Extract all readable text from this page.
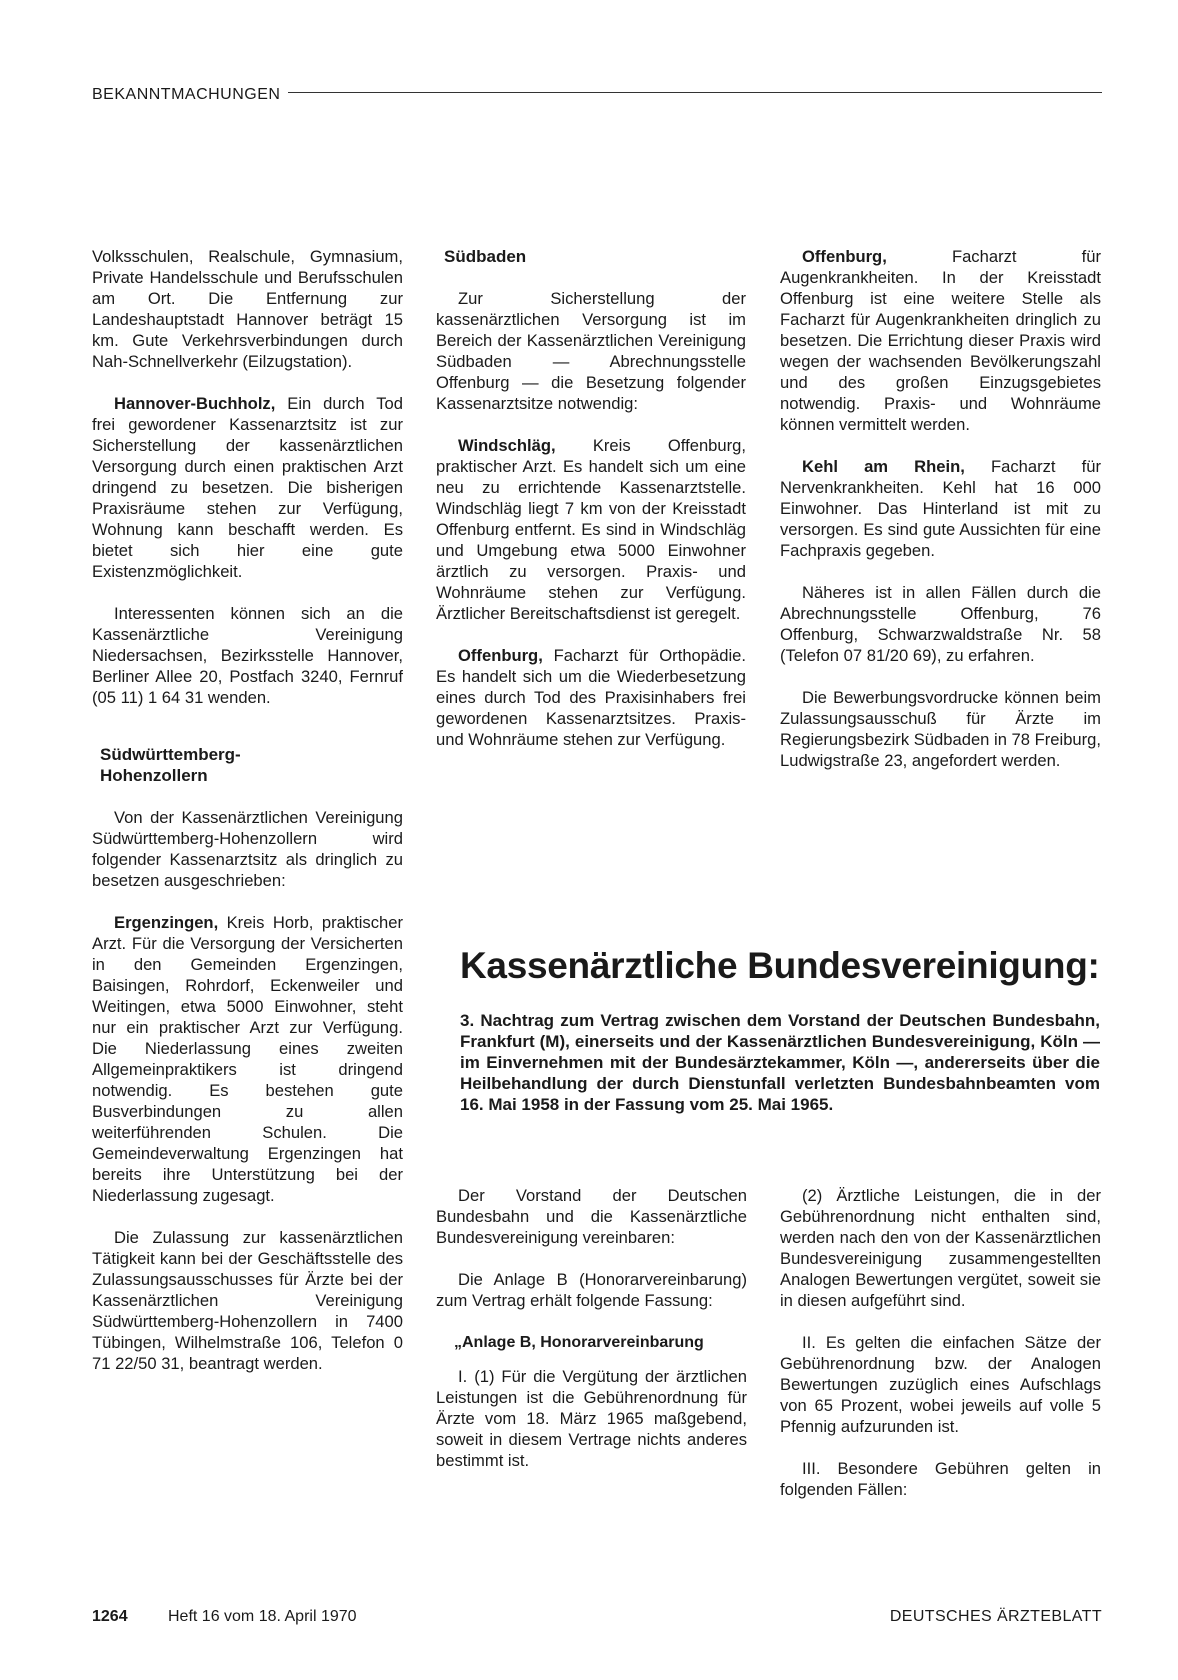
BEKANNTMACHUNGEN

Volksschulen, Realschule, Gymnasium, Private Handelsschule und Berufsschulen am Ort. Die Entfernung zur Landeshauptstadt Hannover beträgt 15 km. Gute Verkehrsverbindungen durch Nah-Schnellverkehr (Eilzugstation).

Hannover-Buchholz, Ein durch Tod frei gewordener Kassenarztsitz ist zur Sicherstellung der kassenärztlichen Versorgung durch einen praktischen Arzt dringend zu besetzen. Die bisherigen Praxisräume stehen zur Verfügung, Wohnung kann beschafft werden. Es bietet sich hier eine gute Existenzmöglichkeit.

Interessenten können sich an die Kassenärztliche Vereinigung Niedersachsen, Bezirksstelle Hannover, Berliner Allee 20, Postfach 3240, Fernruf (05 11) 1 64 31 wenden.

Südwürttemberg-
Hohenzollern

Von der Kassenärztlichen Vereinigung Südwürttemberg-Hohenzollern wird folgender Kassenarztsitz als dringlich zu besetzen ausgeschrieben:

Ergenzingen, Kreis Horb, praktischer Arzt. Für die Versorgung der Versicherten in den Gemeinden Ergenzingen, Baisingen, Rohrdorf, Eckenweiler und Weitingen, etwa 5000 Einwohner, steht nur ein praktischer Arzt zur Verfügung. Die Niederlassung eines zweiten Allgemeinpraktikers ist dringend notwendig. Es bestehen gute Busverbindungen zu allen weiterführenden Schulen. Die Gemeindeverwaltung Ergenzingen hat bereits ihre Unterstützung bei der Niederlassung zugesagt.

Die Zulassung zur kassenärztlichen Tätigkeit kann bei der Geschäftsstelle des Zulassungsausschusses für Ärzte bei der Kassenärztlichen Vereinigung Südwürttemberg-Hohenzollern in 7400 Tübingen, Wilhelmstraße 106, Telefon 0 71 22/50 31, beantragt werden.

Südbaden

Zur Sicherstellung der kassenärztlichen Versorgung ist im Bereich der Kassenärztlichen Vereinigung Südbaden — Abrechnungsstelle Offenburg — die Besetzung folgender Kassenarztsitze notwendig:

Windschläg, Kreis Offenburg, praktischer Arzt. Es handelt sich um eine neu zu errichtende Kassenarztstelle. Windschläg liegt 7 km von der Kreisstadt Offenburg entfernt. Es sind in Windschläg und Umgebung etwa 5000 Einwohner ärztlich zu versorgen. Praxis- und Wohnräume stehen zur Verfügung. Ärztlicher Bereitschaftsdienst ist geregelt.

Offenburg, Facharzt für Orthopädie. Es handelt sich um die Wiederbesetzung eines durch Tod des Praxisinhabers frei gewordenen Kassenarztsitzes. Praxis- und Wohnräume stehen zur Verfügung.

Offenburg, Facharzt für Augenkrankheiten. In der Kreisstadt Offenburg ist eine weitere Stelle als Facharzt für Augenkrankheiten dringlich zu besetzen. Die Errichtung dieser Praxis wird wegen der wachsenden Bevölkerungszahl und des großen Einzugsgebietes notwendig. Praxis- und Wohnräume können vermittelt werden.

Kehl am Rhein, Facharzt für Nervenkrankheiten. Kehl hat 16 000 Einwohner. Das Hinterland ist mit zu versorgen. Es sind gute Aussichten für eine Fachpraxis gegeben.

Näheres ist in allen Fällen durch die Abrechnungsstelle Offenburg, 76 Offenburg, Schwarzwaldstraße Nr. 58 (Telefon 07 81/20 69), zu erfahren.

Die Bewerbungsvordrucke können beim Zulassungsausschuß für Ärzte im Regierungsbezirk Südbaden in 78 Freiburg, Ludwigstraße 23, angefordert werden.

Kassenärztliche Bundesvereinigung:

3. Nachtrag zum Vertrag zwischen dem Vorstand der Deutschen Bundesbahn, Frankfurt (M), einerseits und der Kassenärztlichen Bundesvereinigung, Köln — im Einvernehmen mit der Bundesärztekammer, Köln —, andererseits über die Heilbehandlung der durch Dienstunfall verletzten Bundesbahnbeamten vom 16. Mai 1958 in der Fassung vom 25. Mai 1965.

Der Vorstand der Deutschen Bundesbahn und die Kassenärztliche Bundesvereinigung vereinbaren:

Die Anlage B (Honorarvereinbarung) zum Vertrag erhält folgende Fassung:

„Anlage B, Honorarvereinbarung

I. (1) Für die Vergütung der ärztlichen Leistungen ist die Gebührenordnung für Ärzte vom 18. März 1965 maßgebend, soweit in diesem Vertrage nichts anderes bestimmt ist.

(2) Ärztliche Leistungen, die in der Gebührenordnung nicht enthalten sind, werden nach den von der Kassenärztlichen Bundesvereinigung zusammengestellten Analogen Bewertungen vergütet, soweit sie in diesen aufgeführt sind.

II. Es gelten die einfachen Sätze der Gebührenordnung bzw. der Analogen Bewertungen zuzüglich eines Aufschlags von 65 Prozent, wobei jeweils auf volle 5 Pfennig aufzurunden ist.

III. Besondere Gebühren gelten in folgenden Fällen:

1264	Heft 16 vom 18. April 1970	DEUTSCHES ÄRZTEBLATT
